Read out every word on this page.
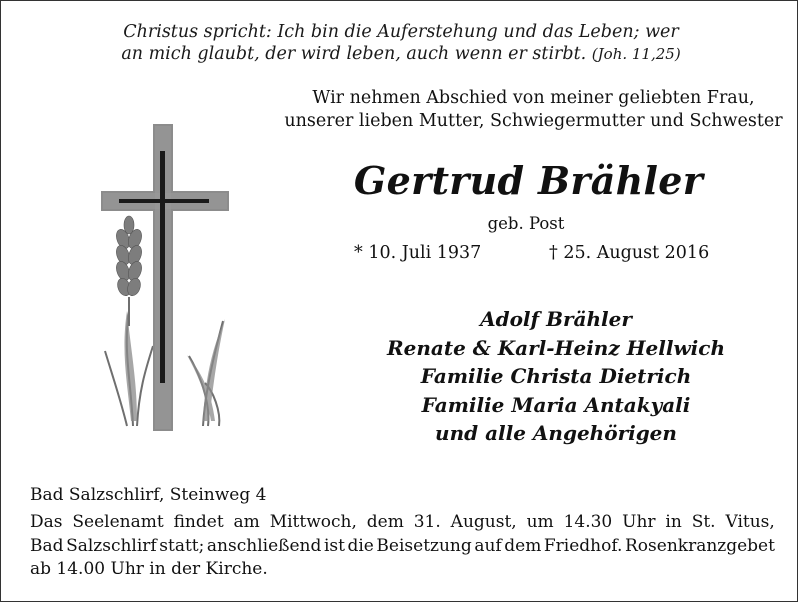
Christus spricht: Ich bin die Auferstehung und das Leben; wer
an mich glaubt, der wird leben, auch wenn er stirbt. (Joh. 11,25)
Wir nehmen Abschied von meiner geliebten Frau,
unserer lieben Mutter, Schwiegermutter und Schwester
Gertrud Brähler
geb. Post
* 10. Juli 1937	† 25. August 2016
Adolf Brähler
Renate & Karl-Heinz Hellwich
Familie Christa Dietrich
Familie Maria Antakyali
und alle Angehörigen
Bad Salzschlirf, Steinweg 4
Das Seelenamt findet am Mittwoch, dem 31. August, um 14.30 Uhr in St. Vitus,
Bad Salzschlirf statt; anschließend ist die Beisetzung auf dem Friedhof. Rosenkranzgebet
ab 14.00 Uhr in der Kirche.
